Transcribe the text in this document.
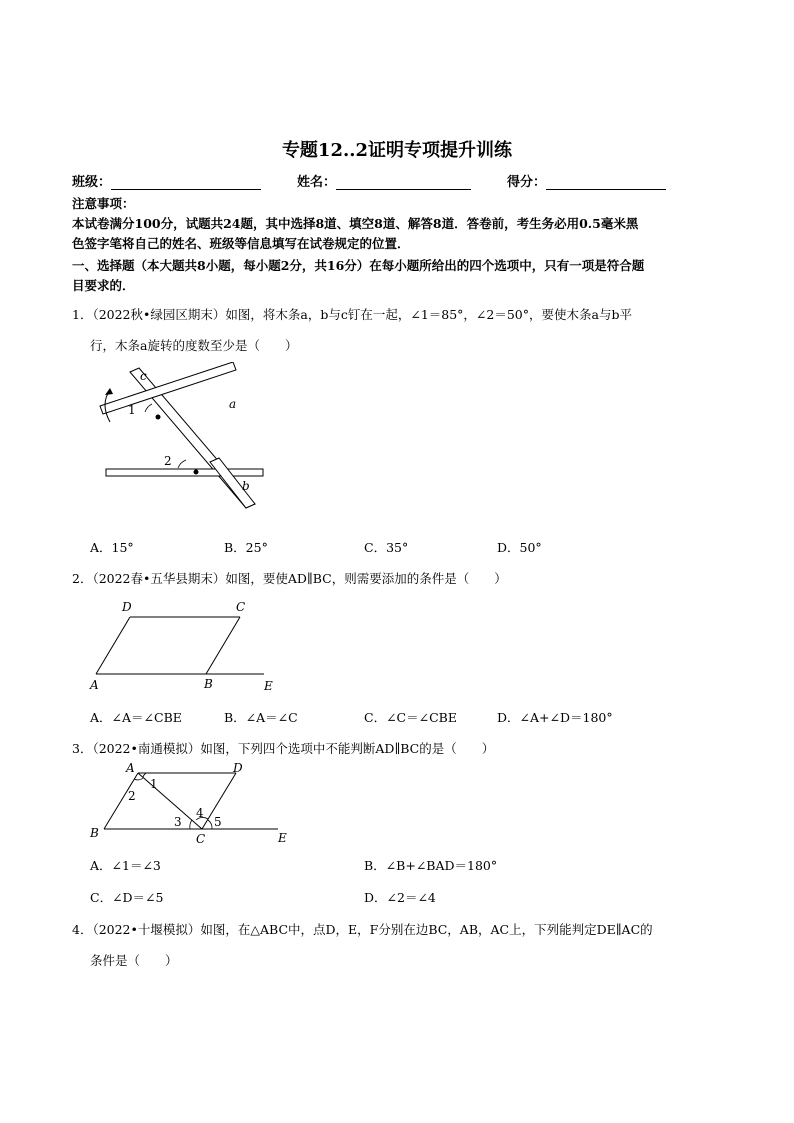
专题12..2证明专项提升训练
班级：	姓名：	得分：
注意事项：
本试卷满分100分，试题共24题，其中选择8道、填空8道、解答8道．答卷前，考生务必用0.5毫米黑
色签字笔将自己的姓名、班级等信息填写在试卷规定的位置．
一、选择题（本大题共8小题，每小题2分，共16分）在每小题所给出的四个选项中，只有一项是符合题
目要求的．
1．（2022秋•绿园区期末）如图，将木条a，b与c钉在一起，∠1＝85°，∠2＝50°，要使木条a与b平
行，木条a旋转的度数至少是（　　）
c
a
b
1
2
A．15°	B．25°	C．35°	D．50°
2．（2022春•五华县期末）如图，要使AD∥BC，则需要添加的条件是（　　）
D	C
A	B	E
A．∠A＝∠CBE	B．∠A＝∠C	C．∠C＝∠CBE	D．∠A+∠D＝180°
3．（2022•南通模拟）如图，下列四个选项中不能判断AD∥BC的是（　　）
A	D
1
2
4
3	5
B	C	E
A．∠1＝∠3	B．∠B+∠BAD＝180°
C．∠D＝∠5	D．∠2＝∠4
4．（2022•十堰模拟）如图，在△ABC中，点D，E，F分别在边BC，AB，AC上，下列能判定DE∥AC的
条件是（　　）
